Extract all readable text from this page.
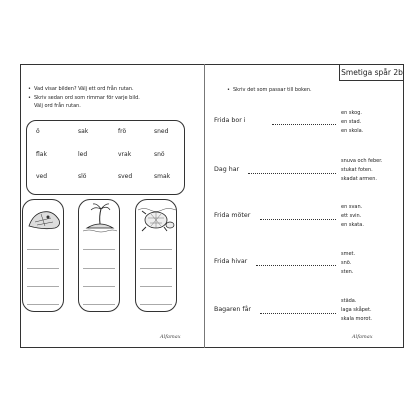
Smetiga spår 2b
• Vad visar bilden? Välj ett ord från rutan.
• Skriv sedan ord som rimmar för varje bild.
Välj ord från rutan.
ö	sak	frö	sned
flak	led	vrak	snö
ved	slö	sved	smak
Alfamax
• Skriv det som passar till boken.
Frida bor i
en skog.
en stad.
en skola.
Dag har
snuva och feber.
stukat foten.
skadat armen.
Frida möter
en svan.
ett svin.
en skata.
Frida hivar
smet.
snö.
sten.
Bagaren får
städa.
laga skåpet.
skala morot.
Alfamax
